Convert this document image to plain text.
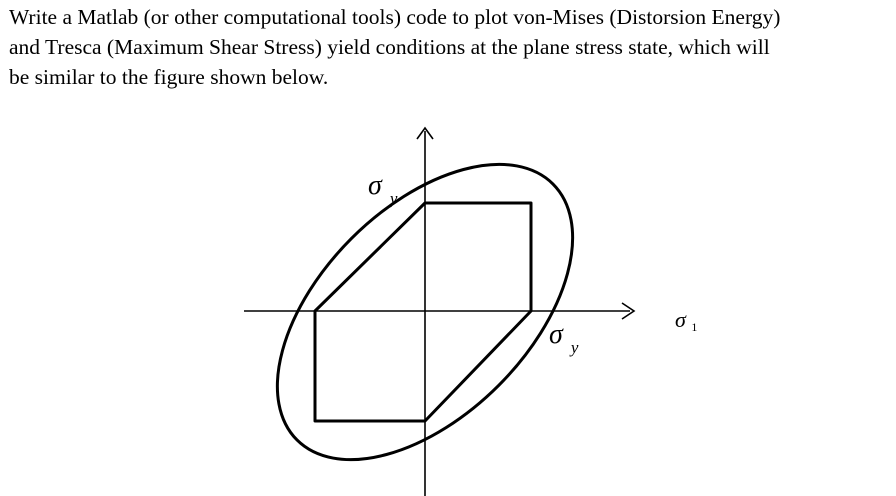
Write a Matlab (or other computational tools) code to plot von-Mises (Distorsion Energy)
and Tresca (Maximum Shear Stress) yield conditions at the plane stress state, which will
be similar to the figure shown below.
σ $_y$
σ $_y$
σ 1
